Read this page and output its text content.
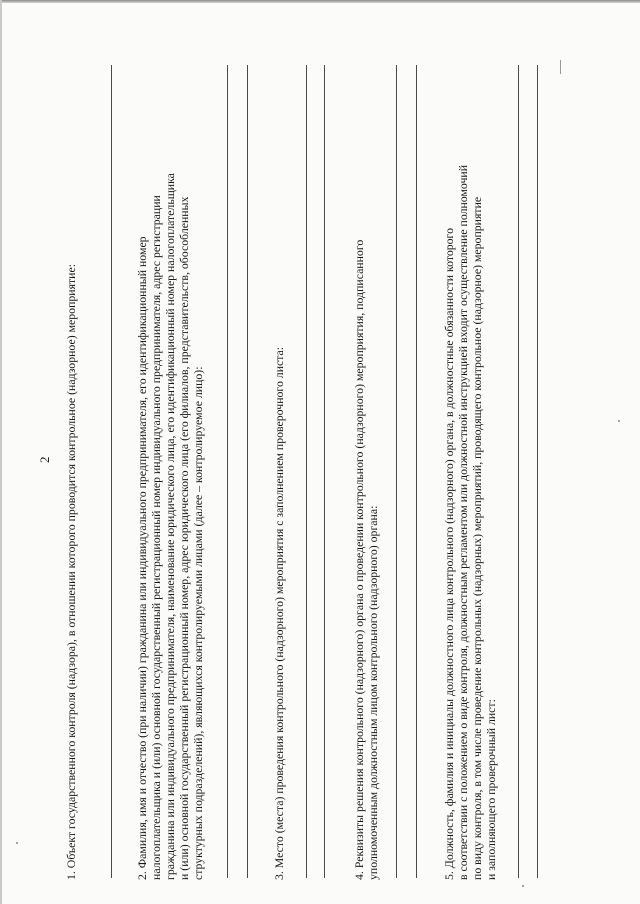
2 1. Объект государственного контроля (надзора), в отношении которого проводится контрольное (надзорное) мероприятие:	2. Фамилия, имя и отчество (при наличии) гражданина или индивидуального предпринимателя, его идентификационный номер налогоплательщика и (или) основной государственный регистрационный номер индивидуального предпринимателя, адрес регистрации гражданина или индивидуального предпринимателя, наименование юридического лица, его идентификационный номер налогоплательщика и (или) основной государственный регистрационный номер, адрес юридического лица (его филиалов, представительств, обособленных структурных подразделений), являющихся контролируемыми лицами (далее – контролируемое лицо):	3. Место (места) проведения контрольного (надзорного) мероприятия с заполнением проверочного листа:	4. Реквизиты решения контрольного (надзорного) органа о проведении контрольного (надзорного) мероприятия, подписанного уполномоченным должностным лицом контрольного (надзорного) органа:	5. Должность, фамилия и инициалы должностного лица контрольного (надзорного) органа, в должностные обязанности которого в соответствии с положением о виде контроля, должностным регламентом или должностной инструкцией входит осуществление полномочий по виду контроля, в том числе проведение контрольных (надзорных) мероприятий, проводящего контрольное (надзорное) мероприятие и заполняющего проверочный лист:
